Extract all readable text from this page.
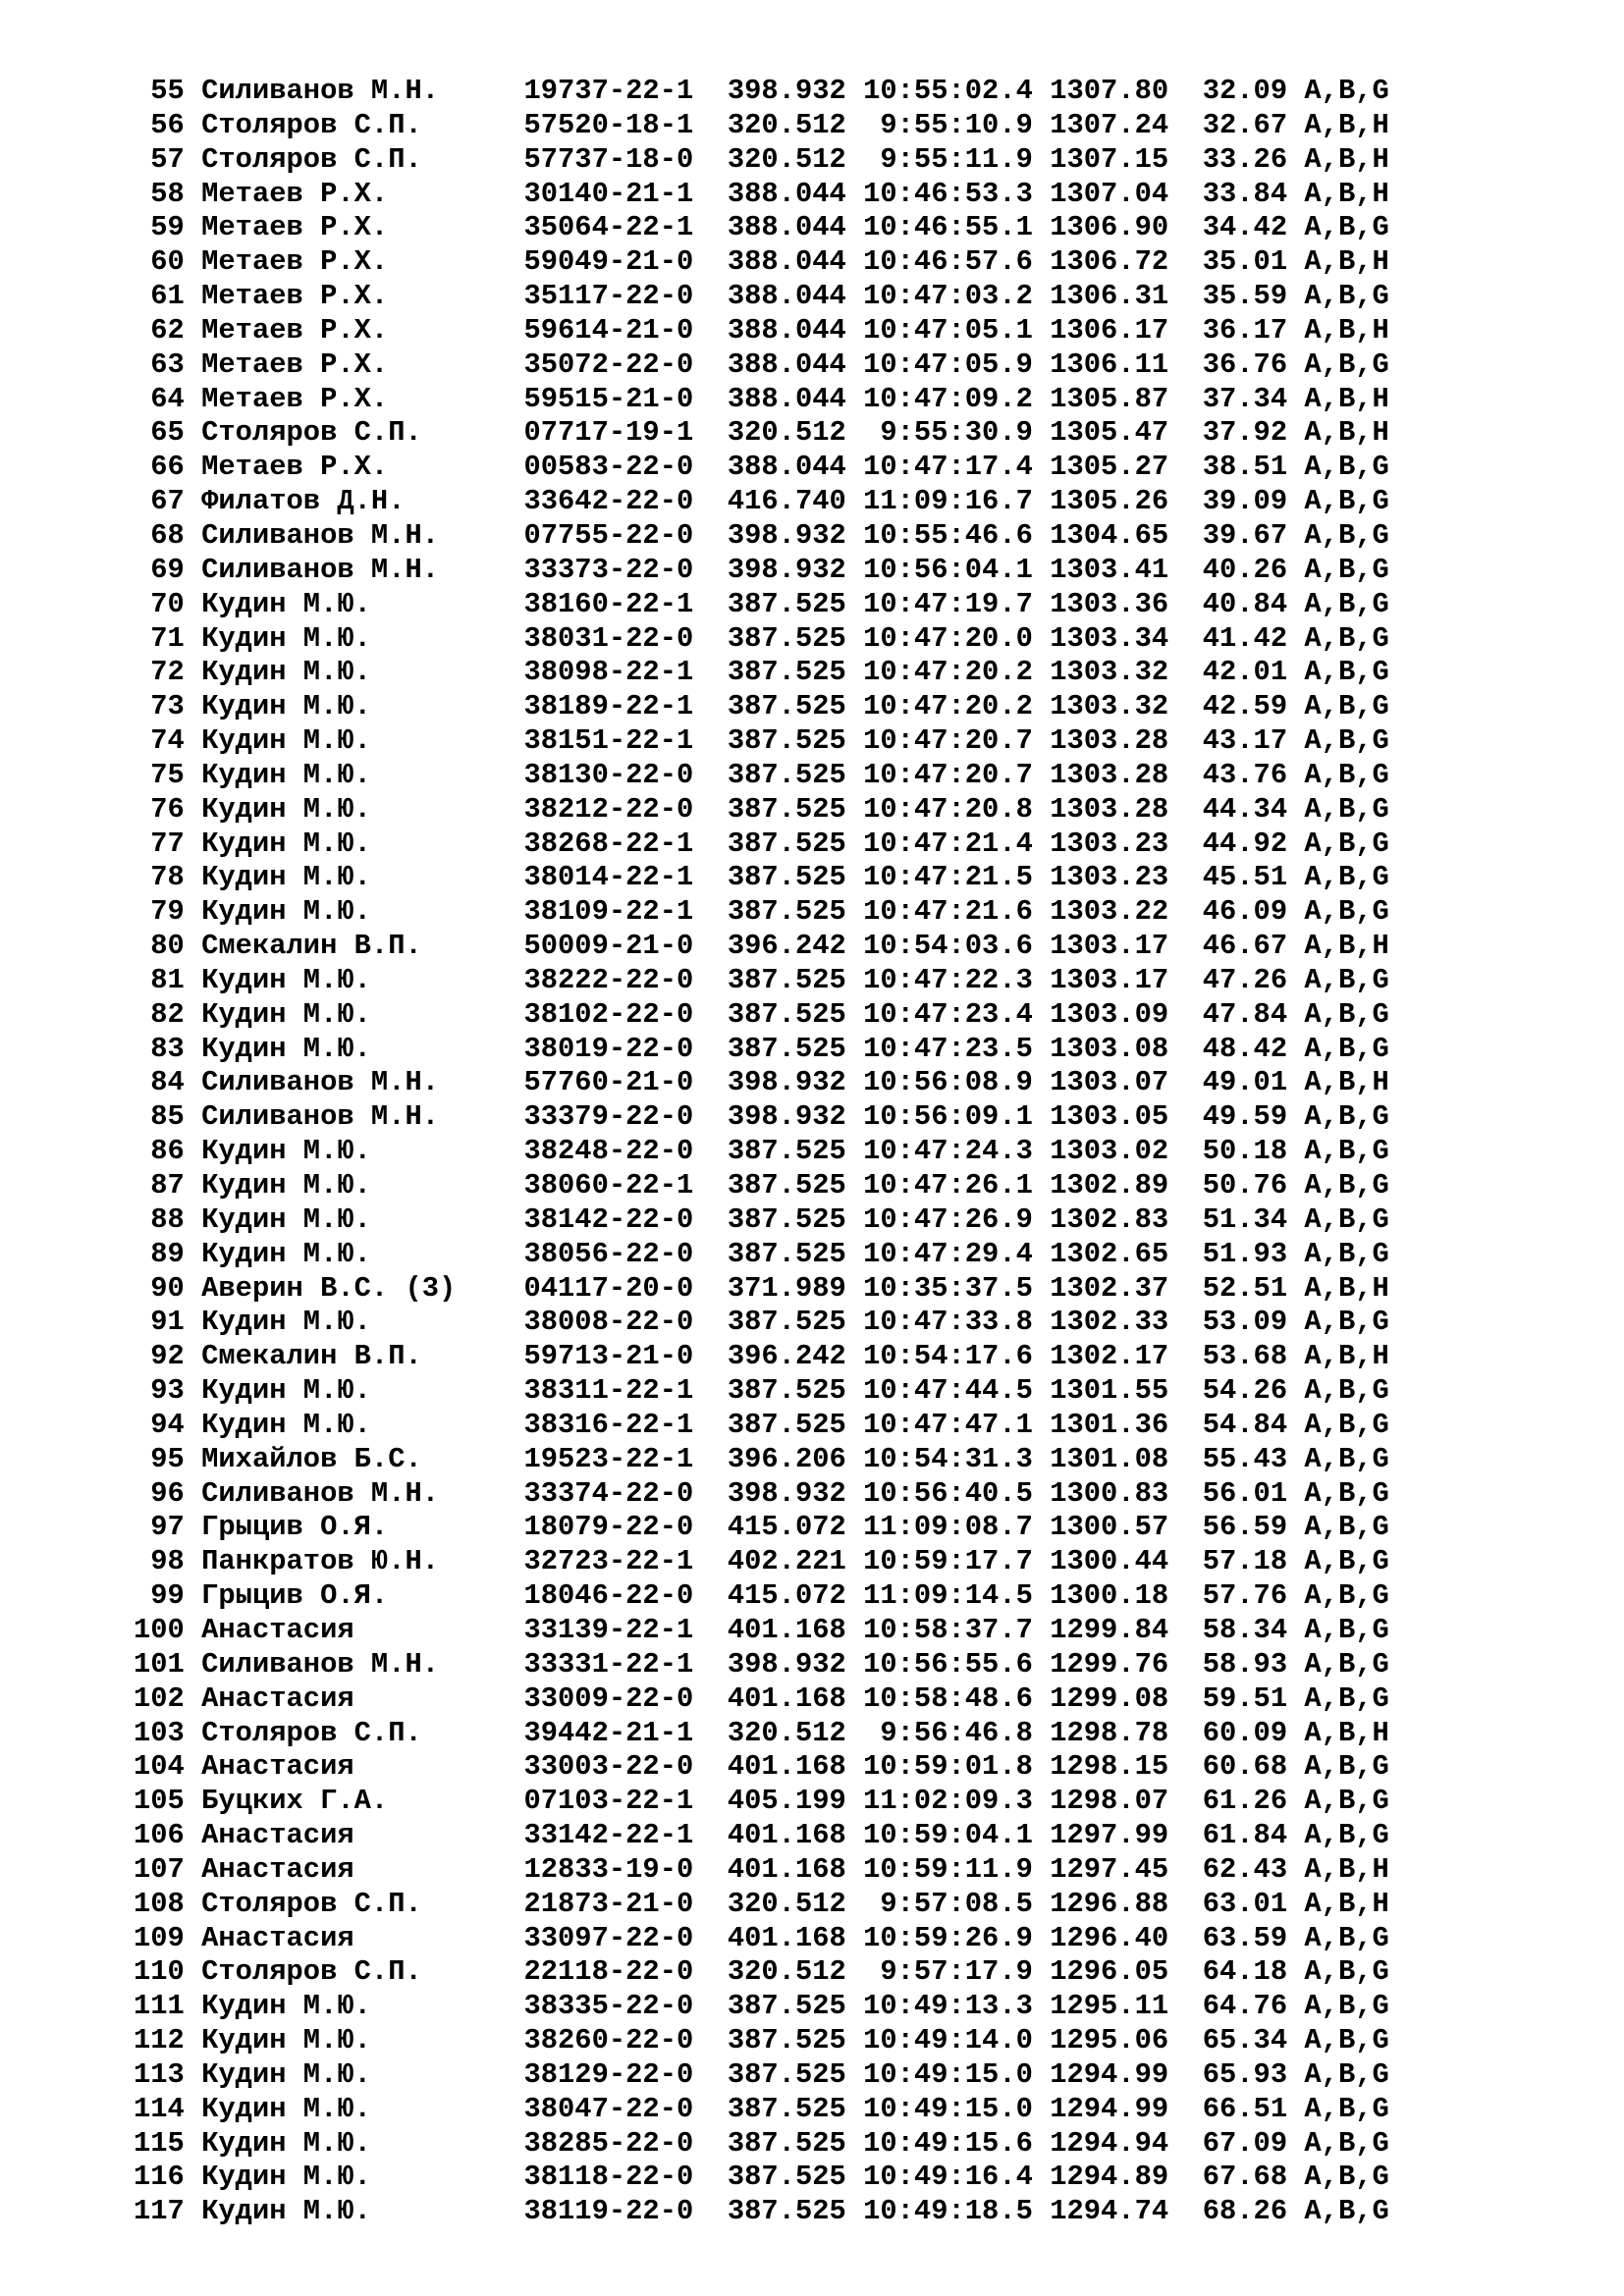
55 Силиванов М.Н.     19737-22-1  398.932 10:55:02.4 1307.80  32.09 A,B,G
56 Столяров С.П.      57520-18-1  320.512  9:55:10.9 1307.24  32.67 A,B,H
57 Столяров С.П.      57737-18-0  320.512  9:55:11.9 1307.15  33.26 A,B,H
58 Метаев Р.Х.        30140-21-1  388.044 10:46:53.3 1307.04  33.84 A,B,H
59 Метаев Р.Х.        35064-22-1  388.044 10:46:55.1 1306.90  34.42 A,B,G
60 Метаев Р.Х.        59049-21-0  388.044 10:46:57.6 1306.72  35.01 A,B,H
61 Метаев Р.Х.        35117-22-0  388.044 10:47:03.2 1306.31  35.59 A,B,G
62 Метаев Р.Х.        59614-21-0  388.044 10:47:05.1 1306.17  36.17 A,B,H
63 Метаев Р.Х.        35072-22-0  388.044 10:47:05.9 1306.11  36.76 A,B,G
64 Метаев Р.Х.        59515-21-0  388.044 10:47:09.2 1305.87  37.34 A,B,H
65 Столяров С.П.      07717-19-1  320.512  9:55:30.9 1305.47  37.92 A,B,H
66 Метаев Р.Х.        00583-22-0  388.044 10:47:17.4 1305.27  38.51 A,B,G
67 Филатов Д.Н.       33642-22-0  416.740 11:09:16.7 1305.26  39.09 A,B,G
68 Силиванов М.Н.     07755-22-0  398.932 10:55:46.6 1304.65  39.67 A,B,G
69 Силиванов М.Н.     33373-22-0  398.932 10:56:04.1 1303.41  40.26 A,B,G
70 Кудин М.Ю.         38160-22-1  387.525 10:47:19.7 1303.36  40.84 A,B,G
71 Кудин М.Ю.         38031-22-0  387.525 10:47:20.0 1303.34  41.42 A,B,G
72 Кудин М.Ю.         38098-22-1  387.525 10:47:20.2 1303.32  42.01 A,B,G
73 Кудин М.Ю.         38189-22-1  387.525 10:47:20.2 1303.32  42.59 A,B,G
74 Кудин М.Ю.         38151-22-1  387.525 10:47:20.7 1303.28  43.17 A,B,G
75 Кудин М.Ю.         38130-22-0  387.525 10:47:20.7 1303.28  43.76 A,B,G
76 Кудин М.Ю.         38212-22-0  387.525 10:47:20.8 1303.28  44.34 A,B,G
77 Кудин М.Ю.         38268-22-1  387.525 10:47:21.4 1303.23  44.92 A,B,G
78 Кудин М.Ю.         38014-22-1  387.525 10:47:21.5 1303.23  45.51 A,B,G
79 Кудин М.Ю.         38109-22-1  387.525 10:47:21.6 1303.22  46.09 A,B,G
80 Смекалин В.П.      50009-21-0  396.242 10:54:03.6 1303.17  46.67 A,B,H
81 Кудин М.Ю.         38222-22-0  387.525 10:47:22.3 1303.17  47.26 A,B,G
82 Кудин М.Ю.         38102-22-0  387.525 10:47:23.4 1303.09  47.84 A,B,G
83 Кудин М.Ю.         38019-22-0  387.525 10:47:23.5 1303.08  48.42 A,B,G
84 Силиванов М.Н.     57760-21-0  398.932 10:56:08.9 1303.07  49.01 A,B,H
85 Силиванов М.Н.     33379-22-0  398.932 10:56:09.1 1303.05  49.59 A,B,G
86 Кудин М.Ю.         38248-22-0  387.525 10:47:24.3 1303.02  50.18 A,B,G
87 Кудин М.Ю.         38060-22-1  387.525 10:47:26.1 1302.89  50.76 A,B,G
88 Кудин М.Ю.         38142-22-0  387.525 10:47:26.9 1302.83  51.34 A,B,G
89 Кудин М.Ю.         38056-22-0  387.525 10:47:29.4 1302.65  51.93 A,B,G
90 Аверин В.С. (3)    04117-20-0  371.989 10:35:37.5 1302.37  52.51 A,B,H
91 Кудин М.Ю.         38008-22-0  387.525 10:47:33.8 1302.33  53.09 A,B,G
92 Смекалин В.П.      59713-21-0  396.242 10:54:17.6 1302.17  53.68 A,B,H
93 Кудин М.Ю.         38311-22-1  387.525 10:47:44.5 1301.55  54.26 A,B,G
94 Кудин М.Ю.         38316-22-1  387.525 10:47:47.1 1301.36  54.84 A,B,G
95 Михайлов Б.С.      19523-22-1  396.206 10:54:31.3 1301.08  55.43 A,B,G
96 Силиванов М.Н.     33374-22-0  398.932 10:56:40.5 1300.83  56.01 A,B,G
97 Грыцив О.Я.        18079-22-0  415.072 11:09:08.7 1300.57  56.59 A,B,G
98 Панкратов Ю.Н.     32723-22-1  402.221 10:59:17.7 1300.44  57.18 A,B,G
99 Грыцив О.Я.        18046-22-0  415.072 11:09:14.5 1300.18  57.76 A,B,G
100 Анастасия          33139-22-1  401.168 10:58:37.7 1299.84  58.34 A,B,G
101 Силиванов М.Н.     33331-22-1  398.932 10:56:55.6 1299.76  58.93 A,B,G
102 Анастасия          33009-22-0  401.168 10:58:48.6 1299.08  59.51 A,B,G
103 Столяров С.П.      39442-21-1  320.512  9:56:46.8 1298.78  60.09 A,B,H
104 Анастасия          33003-22-0  401.168 10:59:01.8 1298.15  60.68 A,B,G
105 Буцких Г.А.        07103-22-1  405.199 11:02:09.3 1298.07  61.26 A,B,G
106 Анастасия          33142-22-1  401.168 10:59:04.1 1297.99  61.84 A,B,G
107 Анастасия          12833-19-0  401.168 10:59:11.9 1297.45  62.43 A,B,H
108 Столяров С.П.      21873-21-0  320.512  9:57:08.5 1296.88  63.01 A,B,H
109 Анастасия          33097-22-0  401.168 10:59:26.9 1296.40  63.59 A,B,G
110 Столяров С.П.      22118-22-0  320.512  9:57:17.9 1296.05  64.18 A,B,G
111 Кудин М.Ю.         38335-22-0  387.525 10:49:13.3 1295.11  64.76 A,B,G
112 Кудин М.Ю.         38260-22-0  387.525 10:49:14.0 1295.06  65.34 A,B,G
113 Кудин М.Ю.         38129-22-0  387.525 10:49:15.0 1294.99  65.93 A,B,G
114 Кудин М.Ю.         38047-22-0  387.525 10:49:15.0 1294.99  66.51 A,B,G
115 Кудин М.Ю.         38285-22-0  387.525 10:49:15.6 1294.94  67.09 A,B,G
116 Кудин М.Ю.         38118-22-0  387.525 10:49:16.4 1294.89  67.68 A,B,G
117 Кудин М.Ю.         38119-22-0  387.525 10:49:18.5 1294.74  68.26 A,B,G
